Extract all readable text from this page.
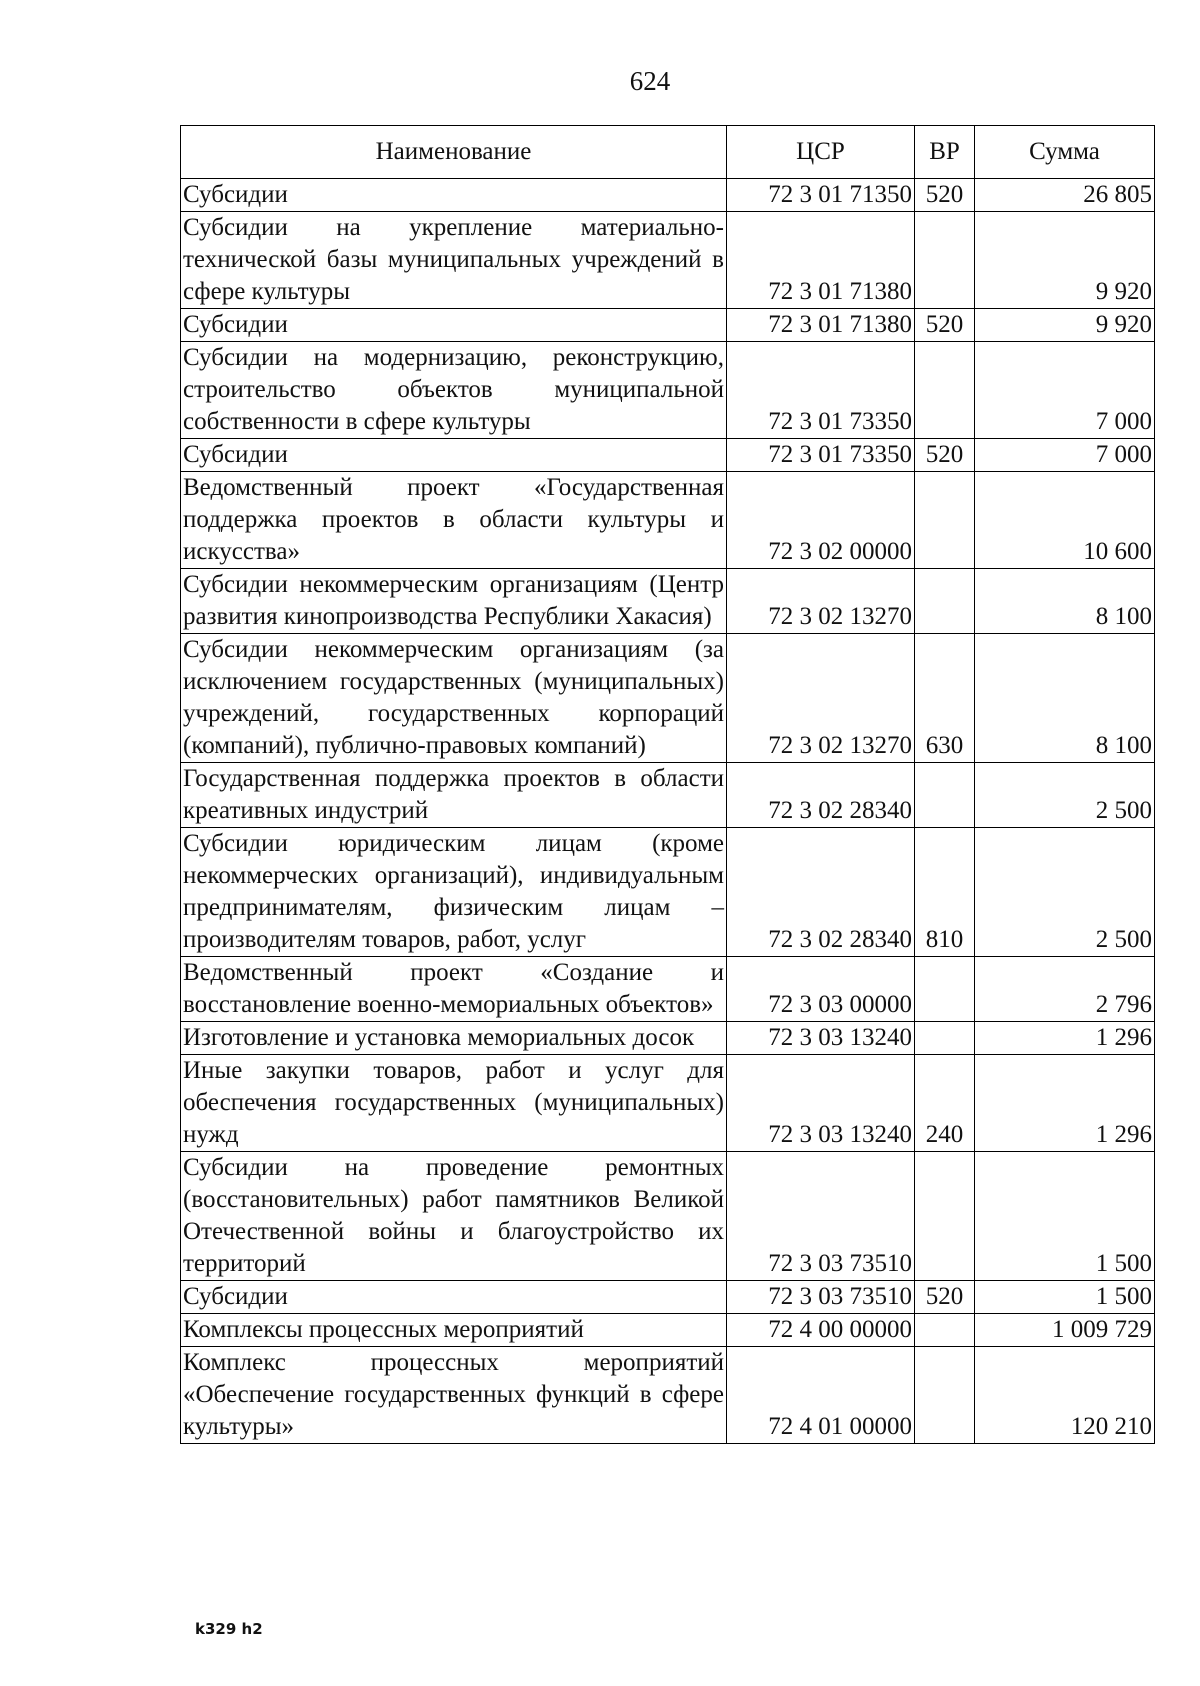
624
Наименование	ЦСР	ВР	Сумма
Субсидии	72 3 01 71350	520	26 805
Субсидии на укрепление материально-технической базы муниципальных учреждений в сфере культуры	72 3 01 71380		9 920
Субсидии	72 3 01 71380	520	9 920
Субсидии на модернизацию, реконструкцию, строительство объектов муниципальной собственности в сфере культуры	72 3 01 73350		7 000
Субсидии	72 3 01 73350	520	7 000
Ведомственный проект «Государственная поддержка проектов в области культуры и искусства»	72 3 02 00000		10 600
Субсидии некоммерческим организациям (Центр развития кинопроизводства Республики Хакасия)	72 3 02 13270		8 100
Субсидии некоммерческим организациям (за исключением государственных (муниципальных) учреждений, государственных корпораций (компаний), публично-правовых компаний)	72 3 02 13270	630	8 100
Государственная поддержка проектов в области креативных индустрий	72 3 02 28340		2 500
Субсидии юридическим лицам (кроме некоммерческих организаций), индивидуальным предпринимателям, физическим лицам – производителям товаров, работ, услуг	72 3 02 28340	810	2 500
Ведомственный проект «Создание и восстановление военно-мемориальных объектов»	72 3 03 00000		2 796
Изготовление и установка мемориальных досок	72 3 03 13240		1 296
Иные закупки товаров, работ и услуг для обеспечения государственных (муниципальных) нужд	72 3 03 13240	240	1 296
Субсидии на проведение ремонтных (восстановительных) работ памятников Великой Отечественной войны и благоустройство их территорий	72 3 03 73510		1 500
Субсидии	72 3 03 73510	520	1 500
Комплексы процессных мероприятий	72 4 00 00000		1 009 729
Комплекс процессных мероприятий «Обеспечение государственных функций в сфере культуры»	72 4 01 00000		120 210
k329 h2
